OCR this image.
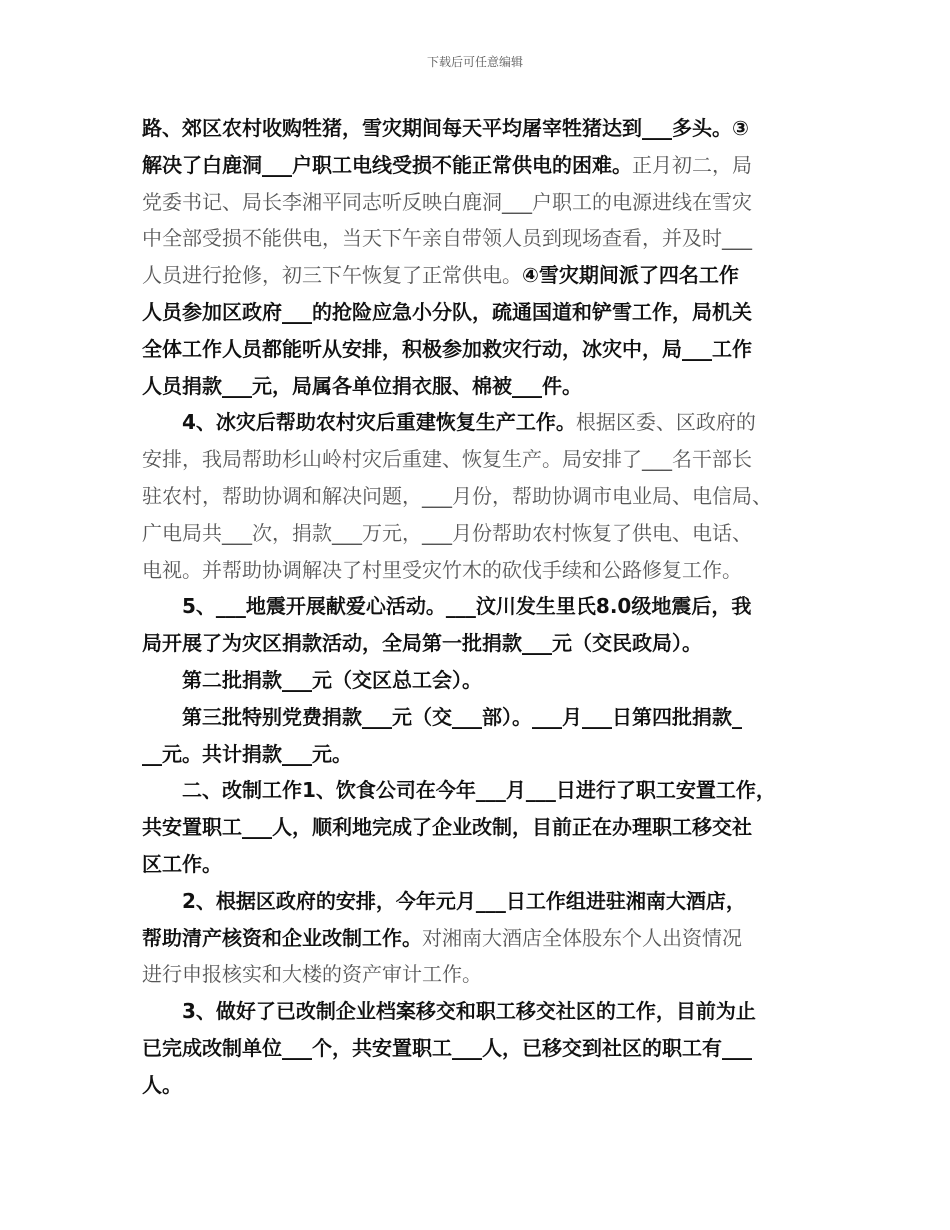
下载后可任意编辑
路、郊区农村收购牲猪，雪灾期间每天平均屠宰牲猪达到___多头。③
解决了白鹿洞___户职工电线受损不能正常供电的困难。正月初二，局
党委书记、局长李湘平同志听反映白鹿洞___户职工的电源进线在雪灾
中全部受损不能供电，当天下午亲自带领人员到现场查看，并及时___
人员进行抢修，初三下午恢复了正常供电。④雪灾期间派了四名工作
人员参加区政府___的抢险应急小分队，疏通国道和铲雪工作，局机关
全体工作人员都能听从安排，积极参加救灾行动，冰灾中，局___工作
人员捐款___元，局属各单位捐衣服、棉被___件。
　　4、冰灾后帮助农村灾后重建恢复生产工作。根据区委、区政府的
安排，我局帮助杉山岭村灾后重建、恢复生产。局安排了___名干部长
驻农村，帮助协调和解决问题，___月份，帮助协调市电业局、电信局、
广电局共___次，捐款___万元，___月份帮助农村恢复了供电、电话、
电视。并帮助协调解决了村里受灾竹木的砍伐手续和公路修复工作。
　　5、___地震开展献爱心活动。___汶川发生里氏8.0级地震后，我
局开展了为灾区捐款活动，全局第一批捐款___元（交民政局）。
　　第二批捐款___元（交区总工会）。
　　第三批特别党费捐款___元（交___部）。___月___日第四批捐款_
__元。共计捐款___元。
　　二、改制工作1、饮食公司在今年___月___日进行了职工安置工作，
共安置职工___人，顺利地完成了企业改制，目前正在办理职工移交社
区工作。
　　2、根据区政府的安排，今年元月___日工作组进驻湘南大酒店，
帮助清产核资和企业改制工作。对湘南大酒店全体股东个人出资情况
进行申报核实和大楼的资产审计工作。
　　3、做好了已改制企业档案移交和职工移交社区的工作，目前为止
已完成改制单位___个，共安置职工___人，已移交到社区的职工有___
人。
